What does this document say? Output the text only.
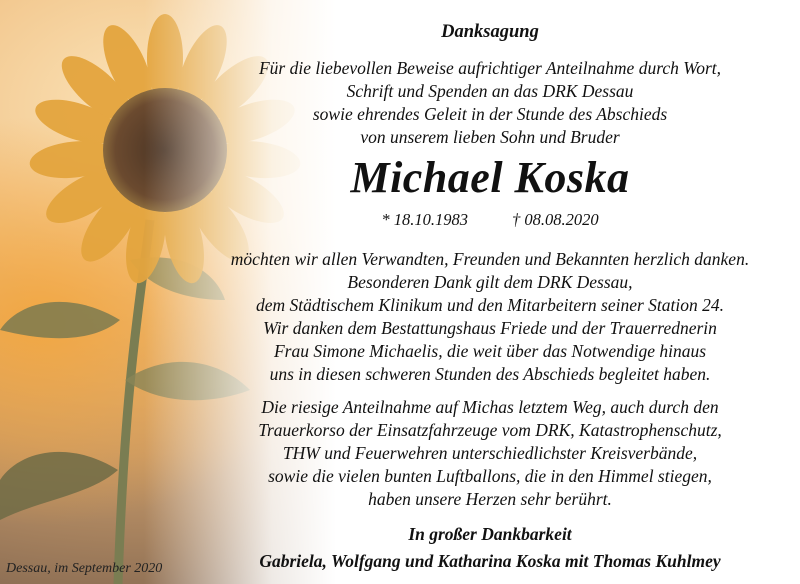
Danksagung
Für die liebevollen Beweise aufrichtiger Anteilnahme durch Wort,
Schrift und Spenden an das DRK Dessau
sowie ehrendes Geleit in der Stunde des Abschieds
von unserem lieben Sohn und Bruder
Michael Koska
* 18.10.1983	† 08.08.2020
möchten wir allen Verwandten, Freunden und Bekannten herzlich danken.
Besonderen Dank gilt dem DRK Dessau,
dem Städtischem Klinikum und den Mitarbeitern seiner Station 24.
Wir danken dem Bestattungshaus Friede und der Trauerrednerin
Frau Simone Michaelis, die weit über das Notwendige hinaus
uns in diesen schweren Stunden des Abschieds begleitet haben.
Die riesige Anteilnahme auf Michas letztem Weg, auch durch den
Trauerkorso der Einsatzfahrzeuge vom DRK, Katastrophenschutz,
THW und Feuerwehren unterschiedlichster Kreisverbände,
sowie die vielen bunten Luftballons, die in den Himmel stiegen,
haben unsere Herzen sehr berührt.
In großer Dankbarkeit
Gabriela, Wolfgang und Katharina Koska mit Thomas Kuhlmey
Dessau, im September 2020
